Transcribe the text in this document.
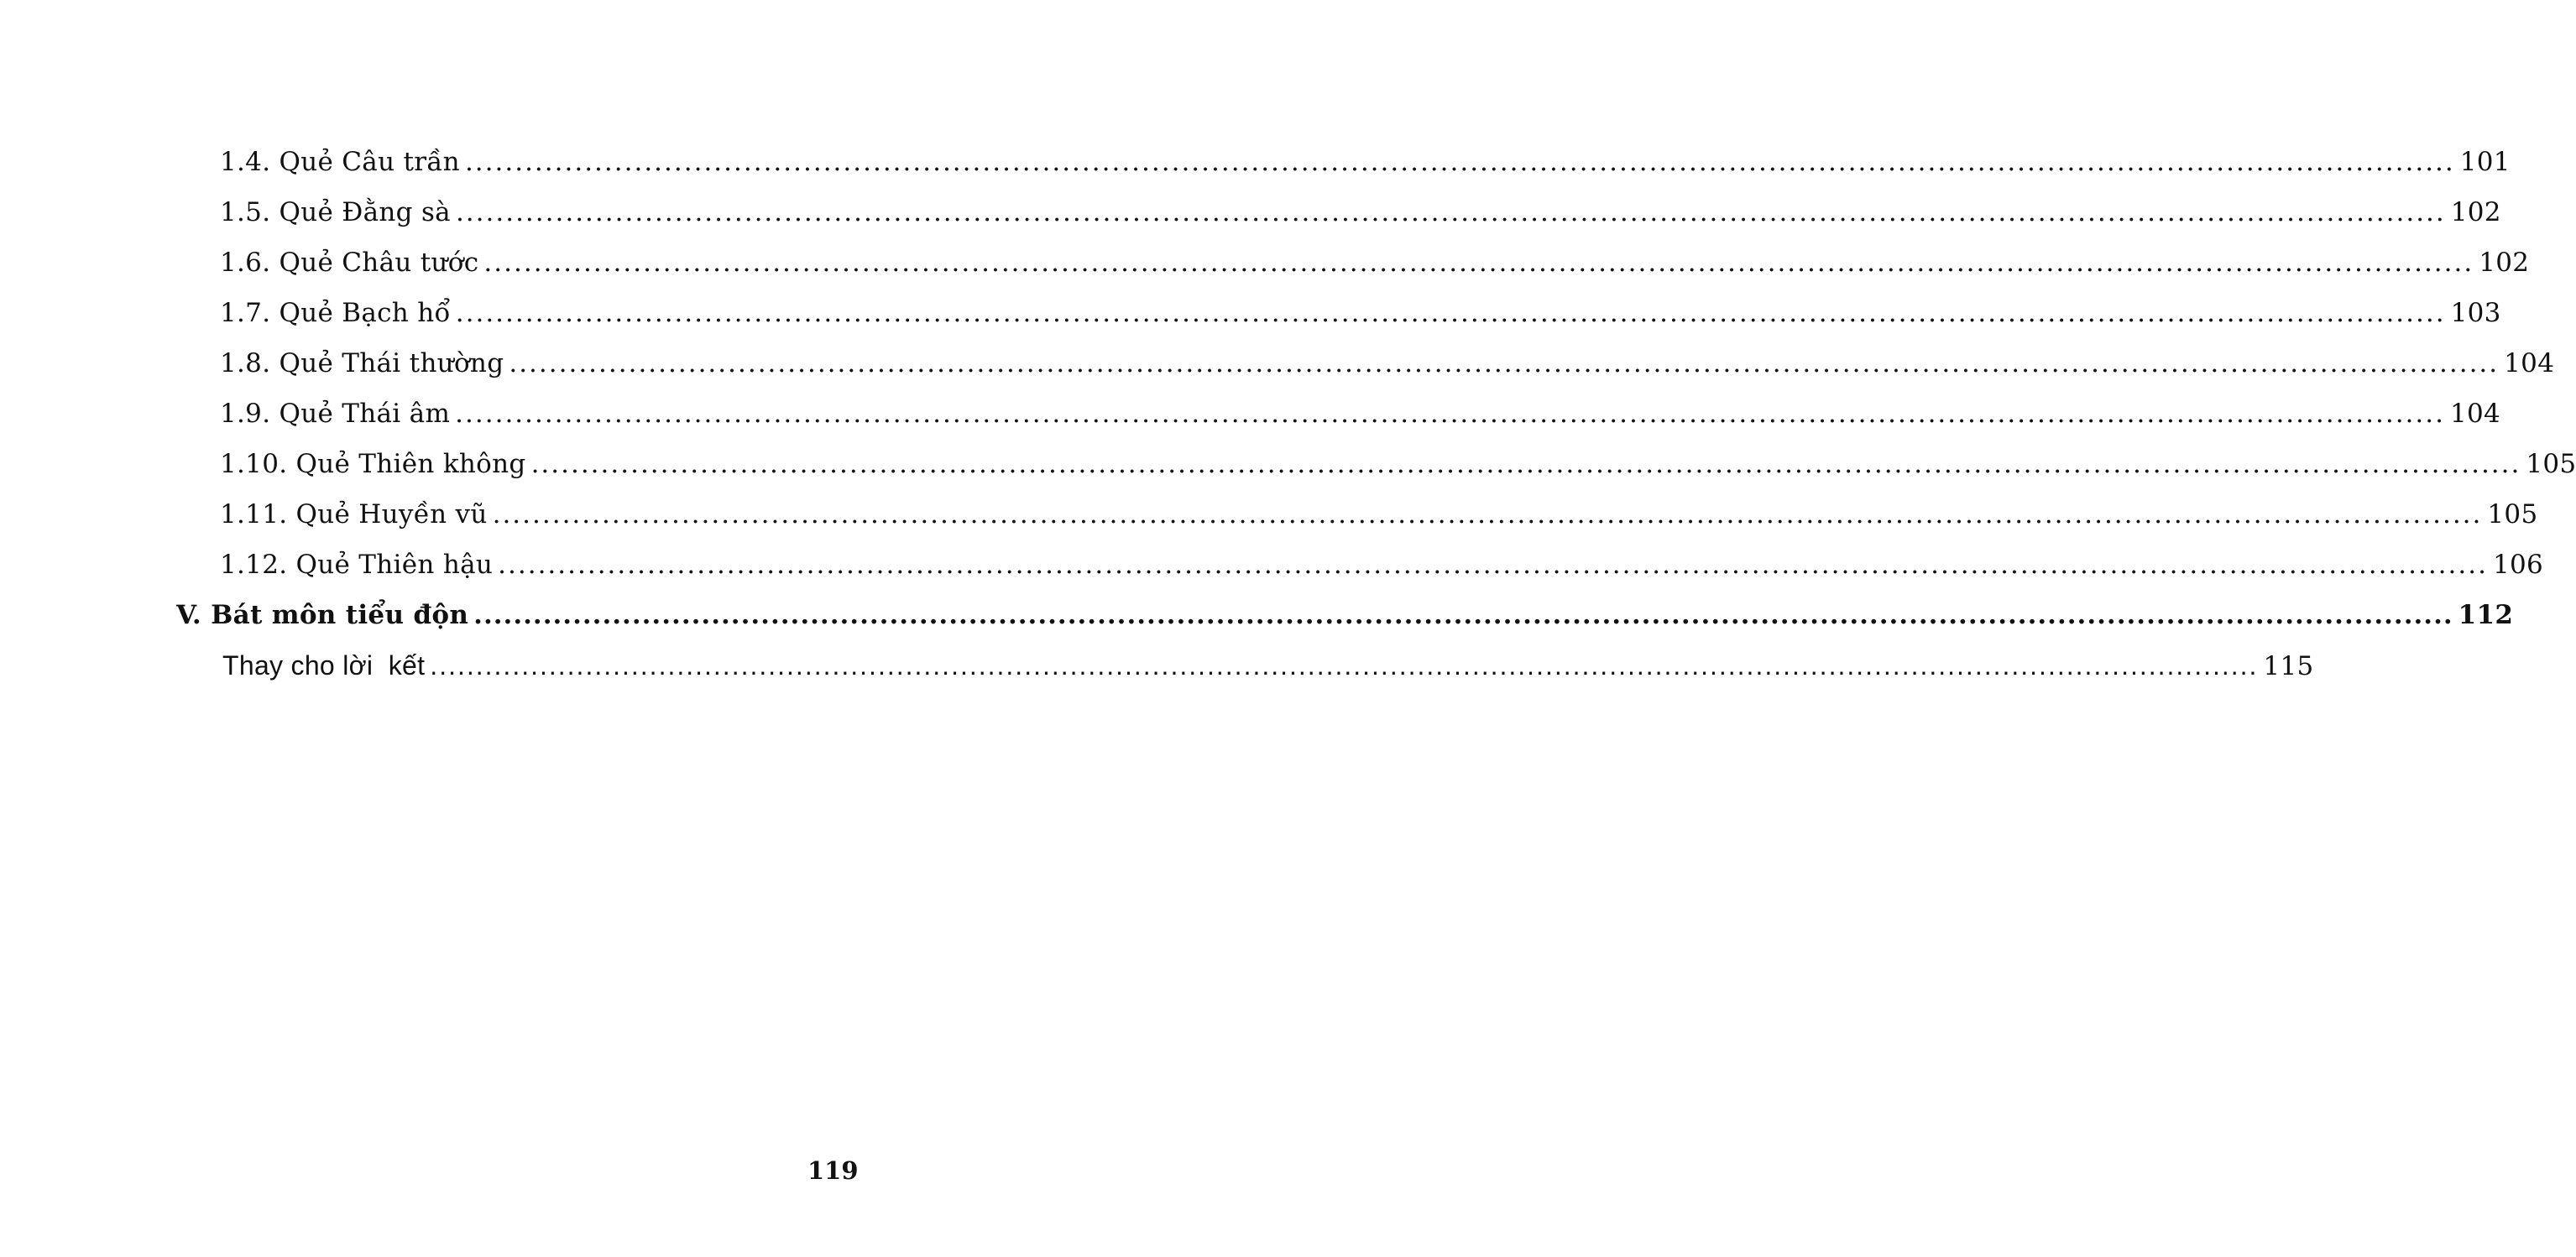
1.4. Quẻ Câu trần ........................................................................................................................................................................................................ 101
1.5. Quẻ Đằng sà ........................................................................................................................................................................................................ 102
1.6. Quẻ Châu tước ........................................................................................................................................................................................................ 102
1.7. Quẻ Bạch hổ ........................................................................................................................................................................................................ 103
1.8. Quẻ Thái thường ........................................................................................................................................................................................................ 104
1.9. Quẻ Thái âm ........................................................................................................................................................................................................ 104
1.10. Quẻ Thiên không ........................................................................................................................................................................................................ 105
1.11. Quẻ Huyền vũ ........................................................................................................................................................................................................ 105
1.12. Quẻ Thiên hậu ........................................................................................................................................................................................................ 106
V. Bát môn tiểu độn ........................................................................................................................................................................................................ 112
Thay cho lời  kết ........................................................................................................................................................................................................ 115
119
